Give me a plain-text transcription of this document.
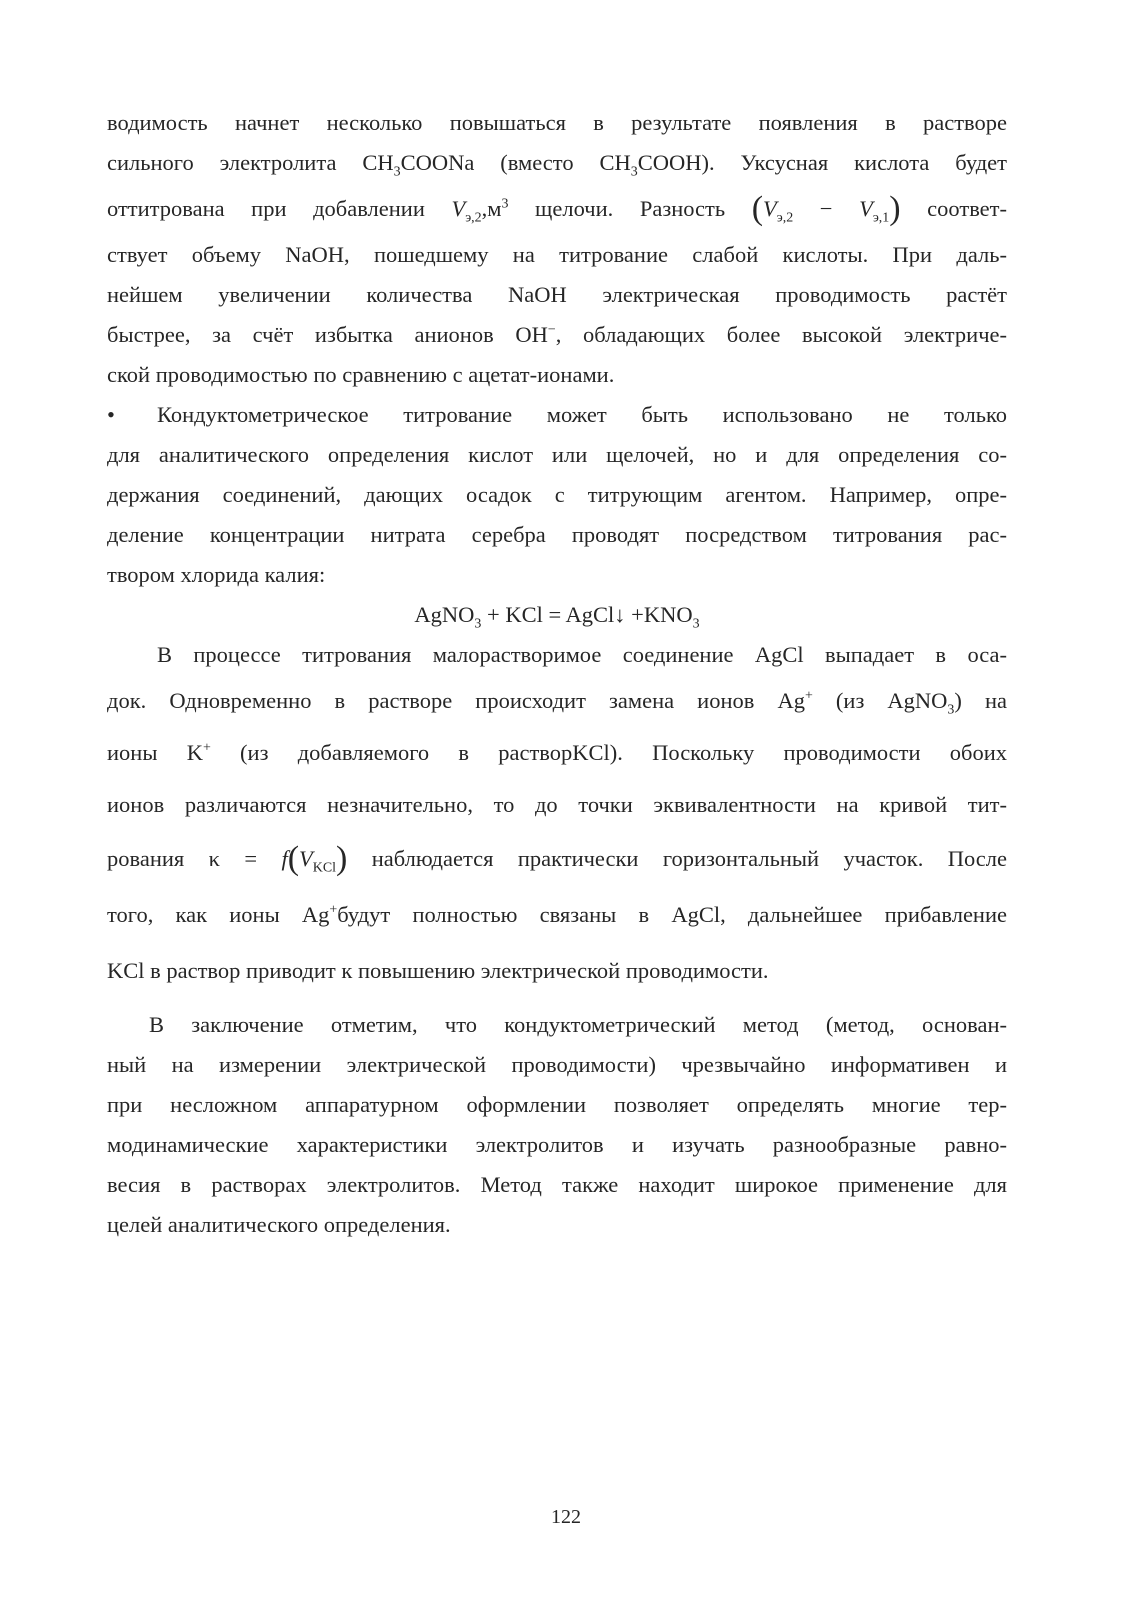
водимость начнет несколько повышаться в результате появления в растворе
сильного электролита $CH_3COONa$ (вместо $CH_3COOH$). Уксусная кислота будет
оттитрована при добавлении $V_{э,2},м^3$ щелочи. Разность $(V_{э,2} - V_{э,1})$ соответ-
ствует объему NaOH, пошедшему на титрование слабой кислоты. При даль-
нейшем увеличении количества NaOH электрическая проводимость растёт
быстрее, за счёт избытка анионов OH−, обладающих более высокой электриче-
ской проводимостью по сравнению с ацетат-ионами.

• Кондуктометрическое титрование может быть использовано не только
для аналитического определения кислот или щелочей, но и для определения со-
держания соединений, дающих осадок с титрующим агентом. Например, опре-
деление концентрации нитрата серебра проводят посредством титрования рас-
твором хлорида калия:

AgNO$_3$ + KCl = AgCl↓ $+KNO_3$

В процессе титрования малорастворимое соединение AgCl выпадает в оса-
док. Одновременно в растворе происходит замена ионов Ag+ (из AgNO$_3$) на
ионы K+ (из добавляемого в растворKCl). Поскольку проводимости обоих
ионов различаются незначительно, то до точки эквивалентности на кривой тит-
рования $\kappa = f(V_{KCl})$ наблюдается практически горизонтальный участок. После
того, как ионы Ag+будут полностью связаны в AgCl, дальнейшее прибавление
KCl в раствор приводит к повышению электрической проводимости.

В заключение отметим, что кондуктометрический метод (метод, основан-
ный на измерении электрической проводимости) чрезвычайно информативен и
при несложном аппаратурном оформлении позволяет определять многие тер-
модинамические характеристики электролитов и изучать разнообразные равно-
весия в растворах электролитов. Метод также находит широкое применение для
целей аналитического определения.

122
